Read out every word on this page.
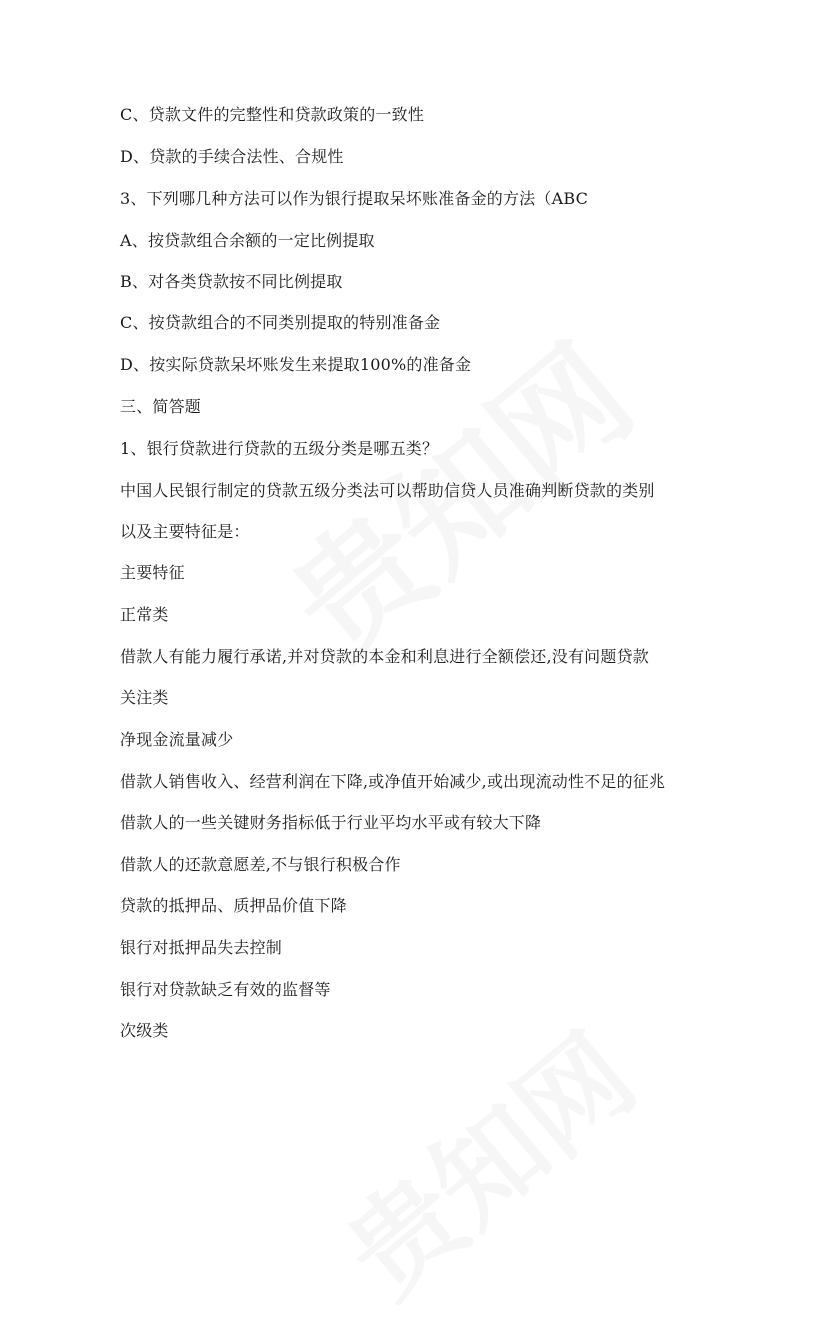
C、贷款文件的完整性和贷款政策的一致性
D、贷款的手续合法性、合规性
3、下列哪几种方法可以作为银行提取呆坏账准备金的方法（ABC
A、按贷款组合余额的一定比例提取
B、对各类贷款按不同比例提取
C、按贷款组合的不同类别提取的特别准备金
D、按实际贷款呆坏账发生来提取100%的准备金
三、简答题
1、银行贷款进行贷款的五级分类是哪五类？
中国人民银行制定的贷款五级分类法可以帮助信贷人员准确判断贷款的类别
以及主要特征是：
主要特征
正常类
借款人有能力履行承诺,并对贷款的本金和利息进行全额偿还,没有问题贷款
关注类
净现金流量减少
借款人销售收入、经营利润在下降,或净值开始减少,或出现流动性不足的征兆
借款人的一些关键财务指标低于行业平均水平或有较大下降
借款人的还款意愿差,不与银行积极合作
贷款的抵押品、质押品价值下降
银行对抵押品失去控制
银行对贷款缺乏有效的监督等
次级类
